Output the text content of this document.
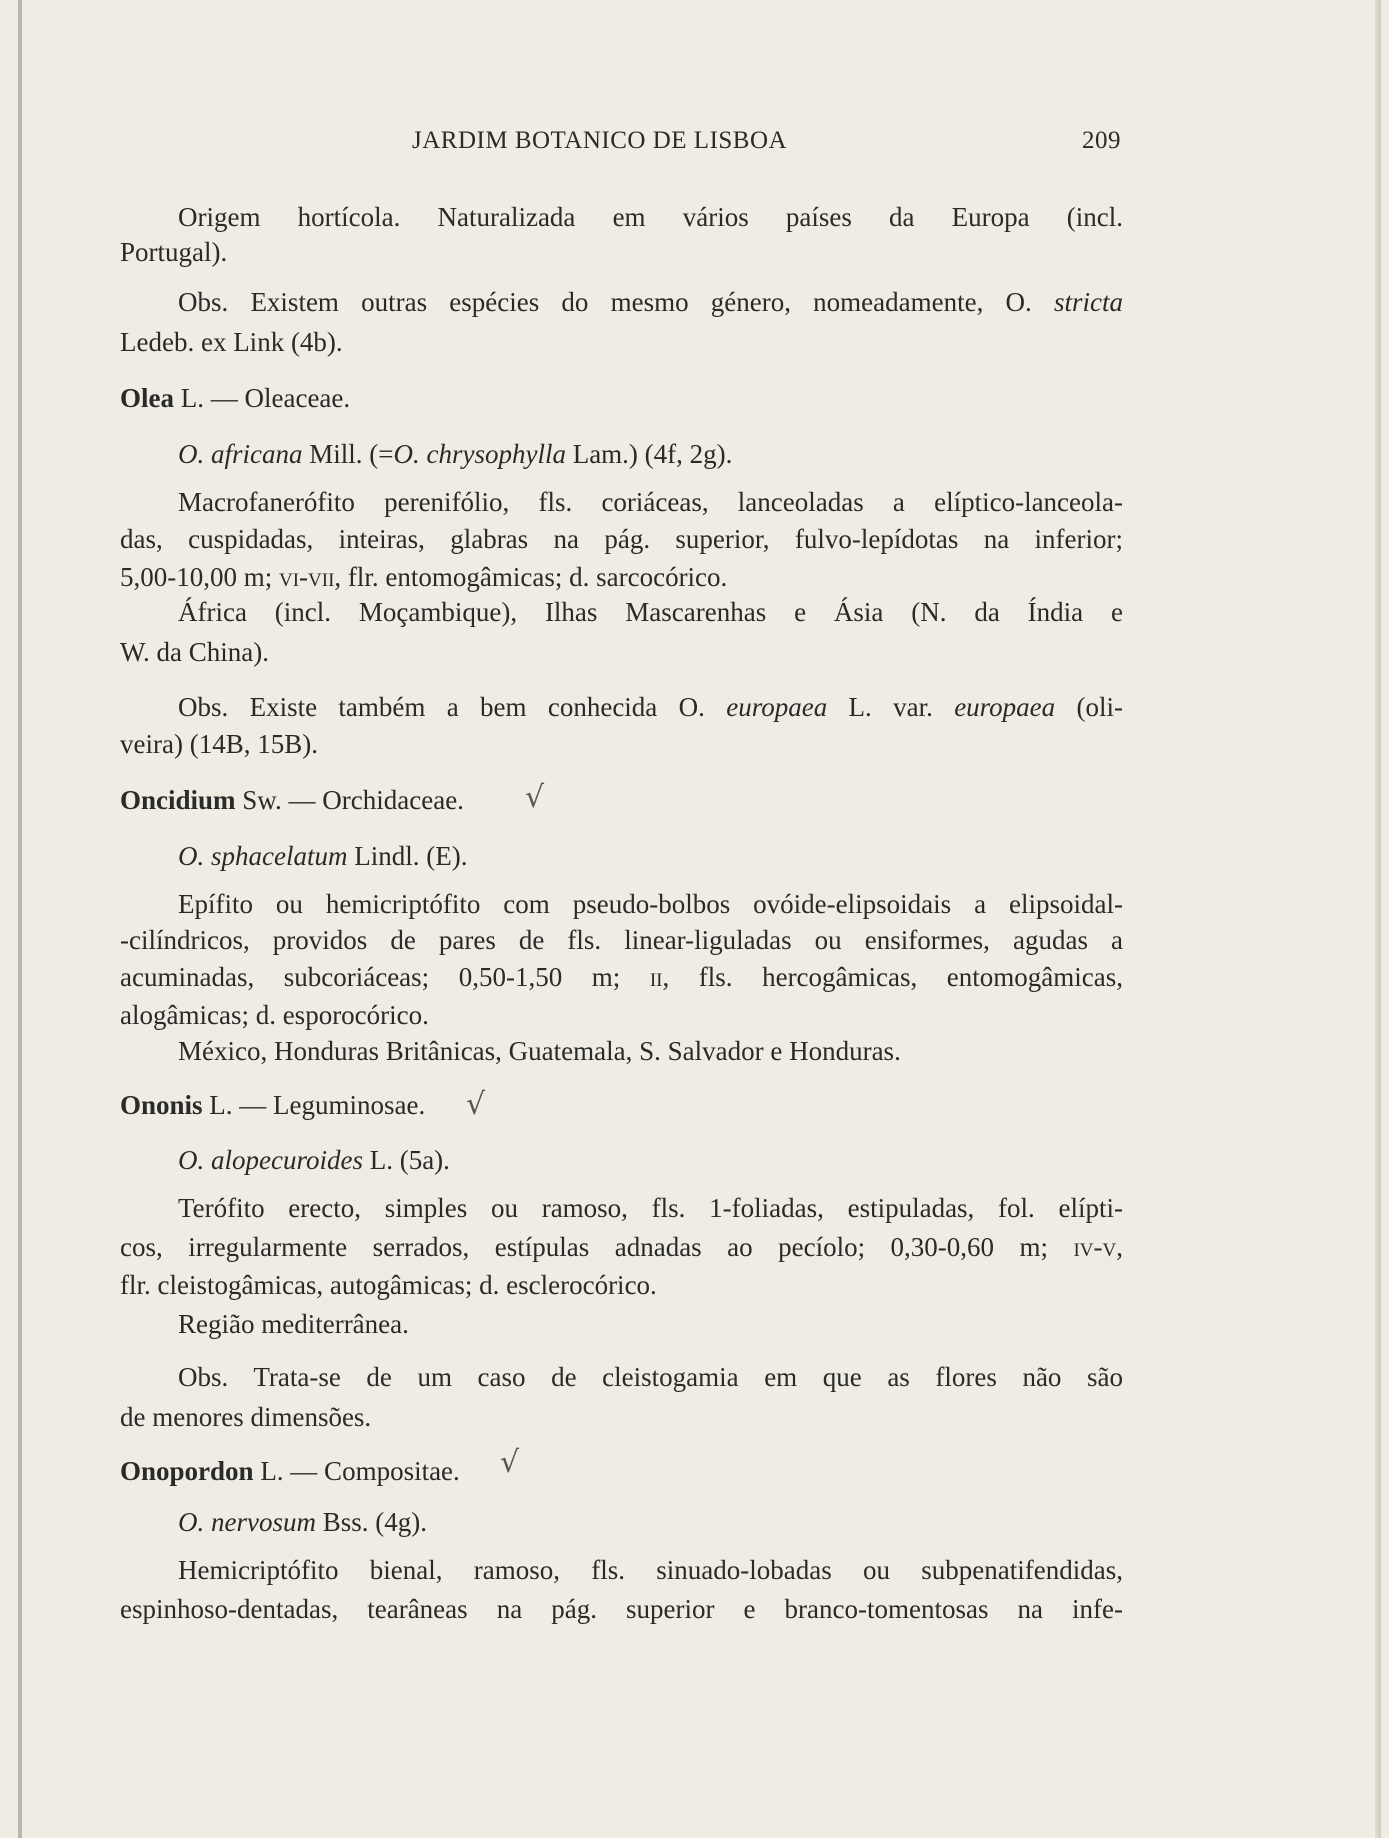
JARDIM BOTANICO DE LISBOA	209
Origem hortícola. Naturalizada em vários países da Europa (incl.
Portugal).
Obs. Existem outras espécies do mesmo género, nomeadamente, O. stricta
Ledeb. ex Link (4b).
Olea L. — Oleaceae.
O. africana Mill. (=O. chrysophylla Lam.) (4f, 2g).
Macrofanerófito perenifólio, fls. coriáceas, lanceoladas a elíptico-lanceola-
das, cuspidadas, inteiras, glabras na pág. superior, fulvo-lepídotas na inferior;
5,00-10,00 m; vi-vii, flr. entomogâmicas; d. sarcocórico.
África (incl. Moçambique), Ilhas Mascarenhas e Ásia (N. da Índia e
W. da China).
Obs. Existe também a bem conhecida O. europaea L. var. europaea (oli-
veira) (14B, 15B).
Oncidium Sw. — Orchidaceae.
O. sphacelatum Lindl. (E).
Epífito ou hemicriptófito com pseudo-bolbos ovóide-elipsoidais a elipsoidal-
-cilíndricos, providos de pares de fls. linear-liguladas ou ensiformes, agudas a
acuminadas, subcoriáceas; 0,50-1,50 m; ii, fls. hercogâmicas, entomogâmicas,
alogâmicas; d. esporocórico.
México, Honduras Britânicas, Guatemala, S. Salvador e Honduras.
Ononis L. — Leguminosae.
O. alopecuroides L. (5a).
Terófito erecto, simples ou ramoso, fls. 1-foliadas, estipuladas, fol. elípti-
cos, irregularmente serrados, estípulas adnadas ao pecíolo; 0,30-0,60 m; iv-v,
flr. cleistogâmicas, autogâmicas; d. esclerocórico.
Região mediterrânea.
Obs. Trata-se de um caso de cleistogamia em que as flores não são
de menores dimensões.
Onopordon L. — Compositae.
O. nervosum Bss. (4g).
Hemicriptófito bienal, ramoso, fls. sinuado-lobadas ou subpenatifendidas,
espinhoso-dentadas, tearâneas na pág. superior e branco-tomentosas na infe-
√
√
√
